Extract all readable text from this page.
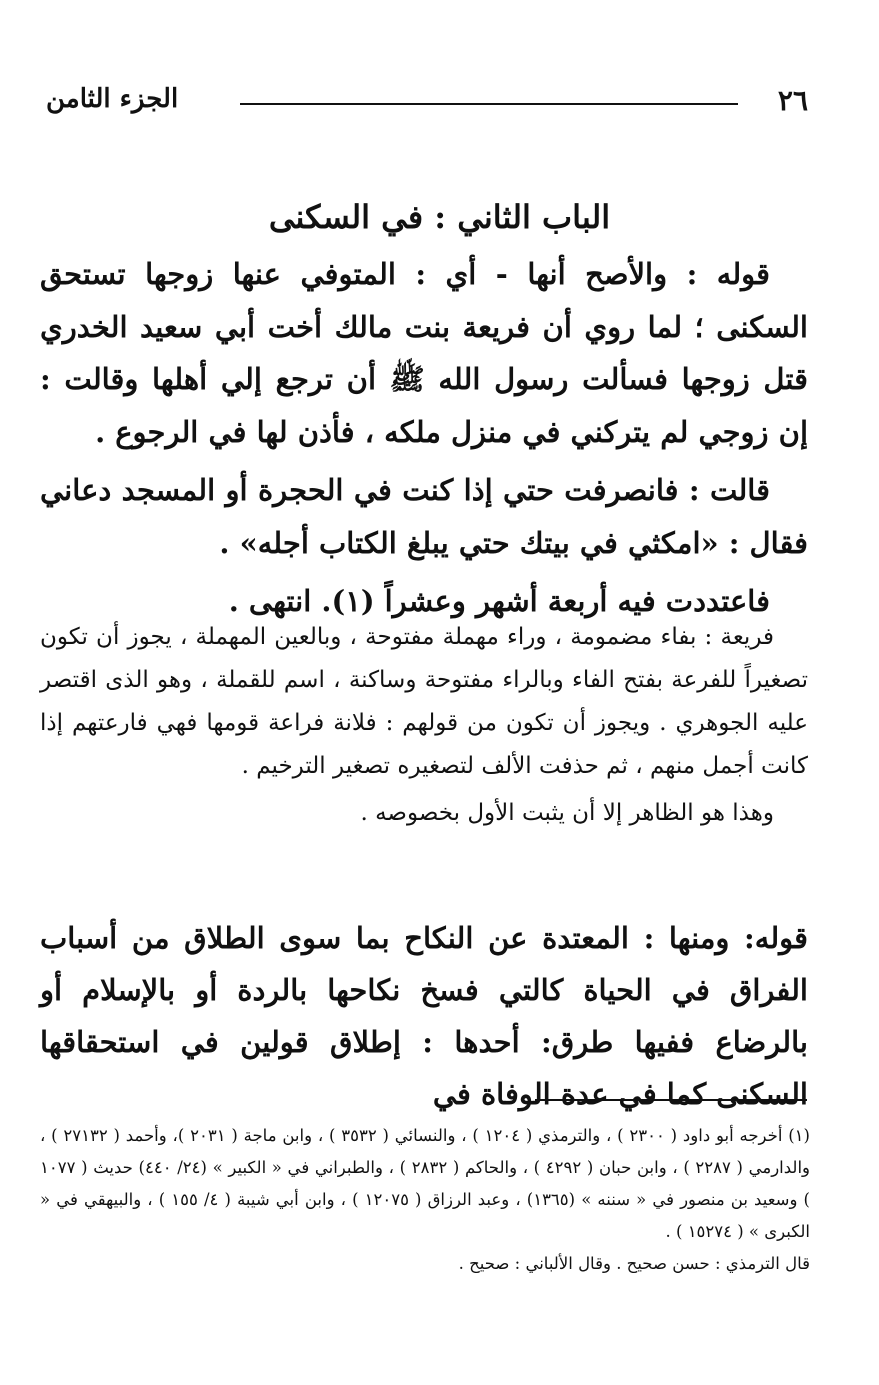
٢٦
الجزء الثامن
الباب الثاني : في السكنى

قوله : والأصح أنها - أي : المتوفي عنها زوجها تستحق السكنى ؛ لما روي أن فريعة بنت مالك أخت أبي سعيد الخدري قتل زوجها فسألت رسول الله ﷺ أن ترجع إلي أهلها وقالت : إن زوجي لم يتركني في منزل ملكه ، فأذن لها في الرجوع .

قالت : فانصرفت حتي إذا كنت في الحجرة أو المسجد دعاني فقال : «امكثي في بيتك حتي يبلغ الكتاب أجله» .

فاعتددت فيه أربعة أشهر وعشراً (١). انتهى .

فريعة : بفاء مضمومة ، وراء مهملة مفتوحة ، وبالعين المهملة ، يجوز أن تكون تصغيراً للفرعة بفتح الفاء وبالراء مفتوحة وساكنة ، اسم للقملة ، وهو الذى اقتصر عليه الجوهري . ويجوز أن تكون من قولهم : فلانة فراعة قومها فهي فارعتهم إذا كانت أجمل منهم ، ثم حذفت الألف لتصغيره تصغير الترخيم .

وهذا هو الظاهر إلا أن يثبت الأول بخصوصه .

قوله: ومنها : المعتدة عن النكاح بما سوى الطلاق من أسباب الفراق في الحياة كالتي فسخ نكاحها بالردة أو بالإسلام أو بالرضاع ففيها طرق: أحدها : إطلاق قولين في استحقاقها السكنى كما في عدة الوفاة في

(١) أخرجه أبو داود ( ٢٣٠٠ ) ، والترمذي ( ١٢٠٤ ) ، والنسائي ( ٣٥٣٢ ) ، وابن ماجة ( ٢٠٣١ )، وأحمد ( ٢٧١٣٢ ) ، والدارمي ( ٢٢٨٧ ) ، وابن حبان ( ٤٢٩٢ ) ، والحاكم ( ٢٨٣٢ ) ، والطبراني في « الكبير » (٢٤/ ٤٤٠) حديث ( ١٠٧٧ ) وسعيد بن منصور في « سننه » (١٣٦٥) ، وعبد الرزاق ( ١٢٠٧٥ ) ، وابن أبي شيبة ( ٤/ ١٥٥ ) ، والبيهقي في « الكبرى » ( ١٥٢٧٤ ) .

قال الترمذي : حسن صحيح . وقال الألباني : صحيح .
